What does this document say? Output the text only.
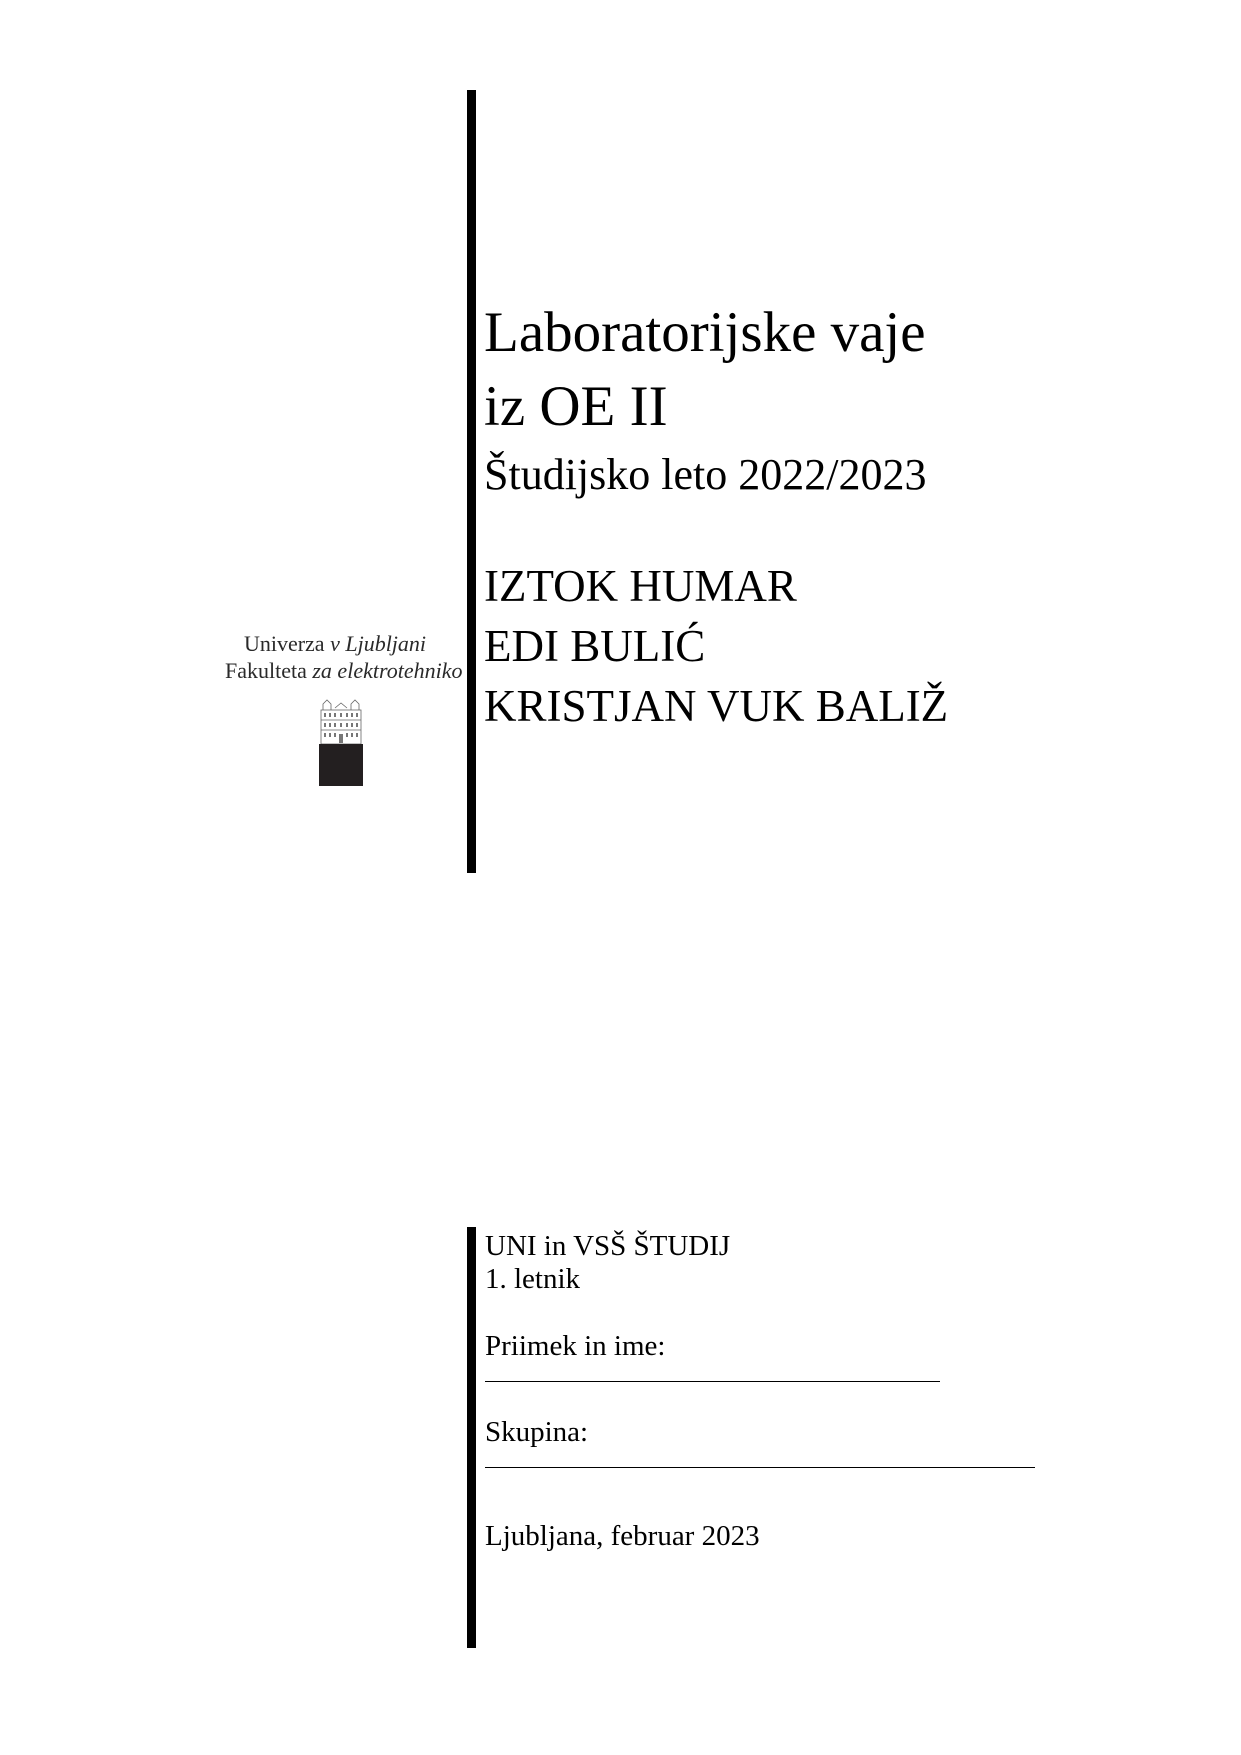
Laboratorijske vaje
iz OE II
Študijsko leto 2022/2023
IZTOK HUMAR
EDI BULIĆ
KRISTJAN VUK BALIŽ
Univerza v Ljubljani
Fakulteta za elektrotehniko
UNI in VSŠ ŠTUDIJ
1. letnik
Priimek in ime:
Skupina:
Ljubljana, februar 2023
